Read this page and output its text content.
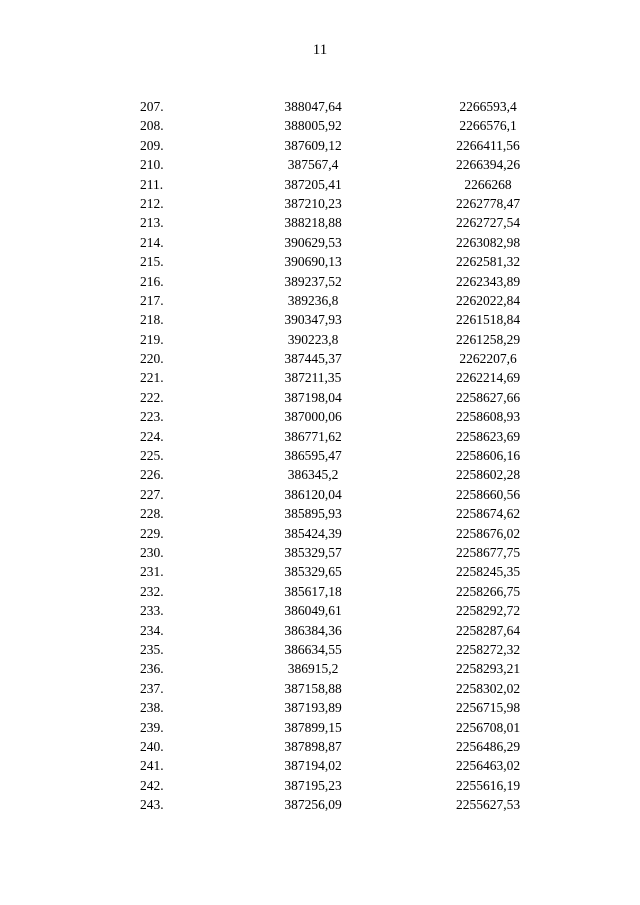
11
207.	388047,64	2266593,4
208.	388005,92	2266576,1
209.	387609,12	2266411,56
210.	387567,4	2266394,26
211.	387205,41	2266268
212.	387210,23	2262778,47
213.	388218,88	2262727,54
214.	390629,53	2263082,98
215.	390690,13	2262581,32
216.	389237,52	2262343,89
217.	389236,8	2262022,84
218.	390347,93	2261518,84
219.	390223,8	2261258,29
220.	387445,37	2262207,6
221.	387211,35	2262214,69
222.	387198,04	2258627,66
223.	387000,06	2258608,93
224.	386771,62	2258623,69
225.	386595,47	2258606,16
226.	386345,2	2258602,28
227.	386120,04	2258660,56
228.	385895,93	2258674,62
229.	385424,39	2258676,02
230.	385329,57	2258677,75
231.	385329,65	2258245,35
232.	385617,18	2258266,75
233.	386049,61	2258292,72
234.	386384,36	2258287,64
235.	386634,55	2258272,32
236.	386915,2	2258293,21
237.	387158,88	2258302,02
238.	387193,89	2256715,98
239.	387899,15	2256708,01
240.	387898,87	2256486,29
241.	387194,02	2256463,02
242.	387195,23	2255616,19
243.	387256,09	2255627,53
